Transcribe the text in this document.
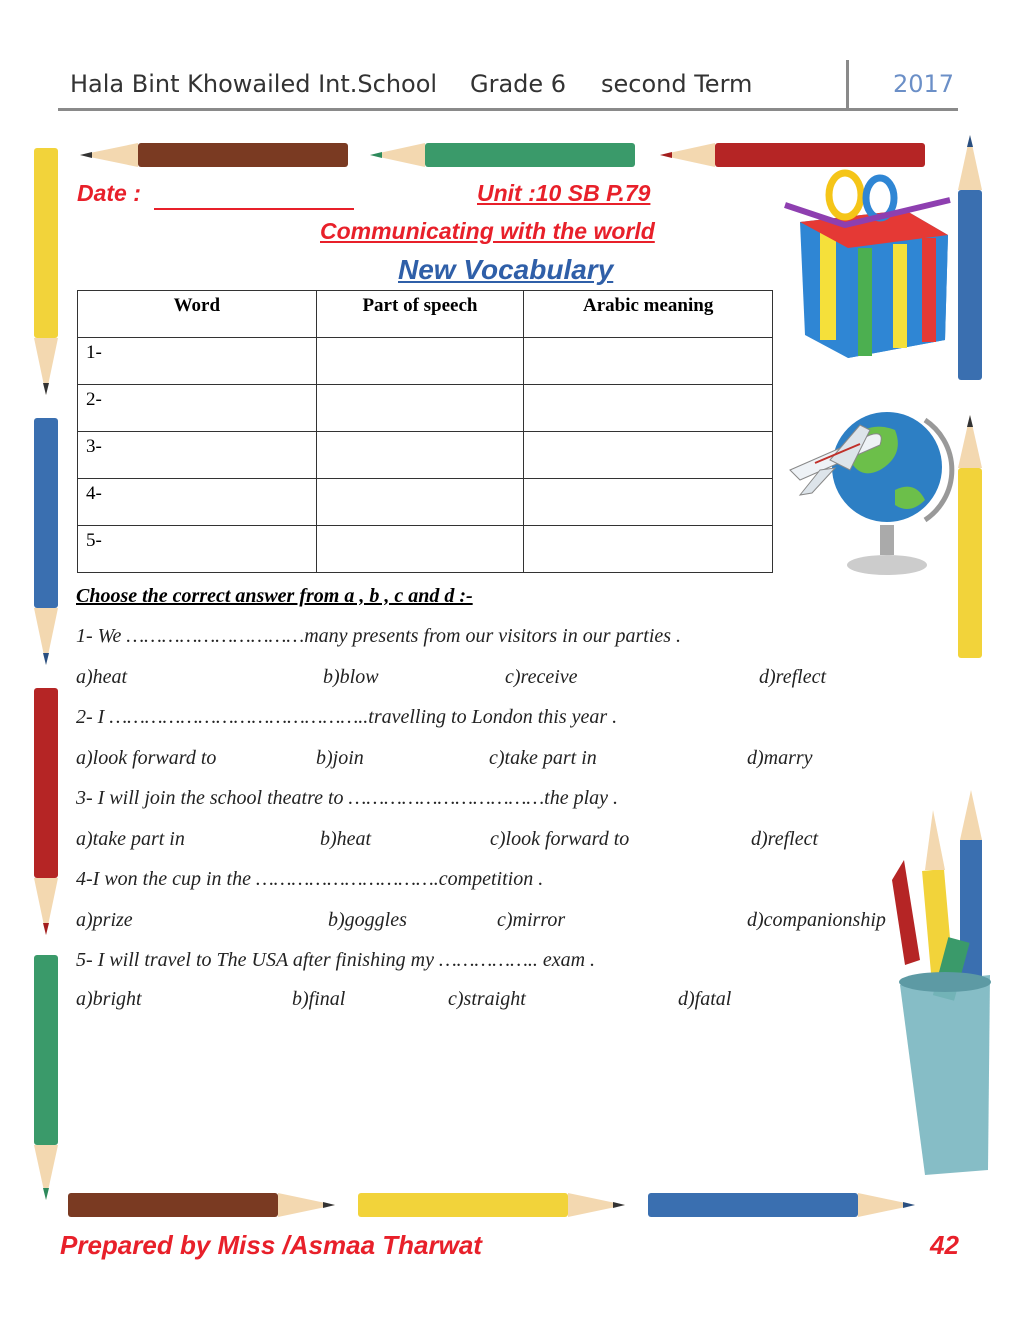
Hala Bint Khowailed Int.School Grade 6 second Term	2017
Date :	Unit :10 SB P.79
Communicating with the world
New Vocabulary
Word	Part of speech	Arabic meaning
1-		
2-		
3-		
4-		
5-		
Choose the correct answer from a , b , c and d :-
1- We …………………………many presents from our visitors in our parties .
a)heat	b)blow	c)receive	d)reflect
2- I ……………………………………..travelling to London this year .
a)look forward to	b)join	c)take part in	d)marry
3- I will join the school theatre to ……………………………the play .
a)take part in	b)heat	c)look forward to	d)reflect
4-I won the cup in the ………………………….competition .
a)prize	b)goggles	c)mirror	d)companionship
5- I will travel to The USA after finishing my …………….. exam .
a)bright	b)final	c)straight	d)fatal
Prepared by Miss /Asmaa Tharwat	42
